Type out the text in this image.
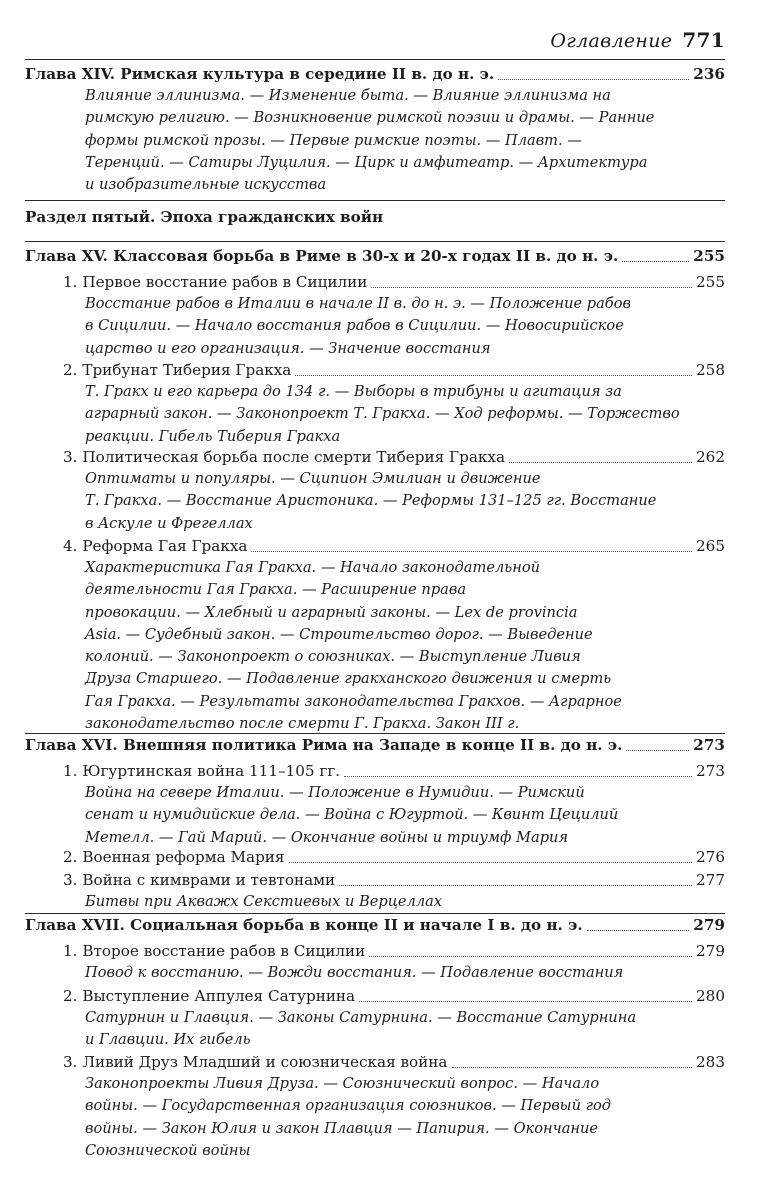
Оглавление 771
Глава XIV. Римская культура в середине II в. до н. э.	236
Влияние эллинизма. — Изменение быта. — Влияние эллинизма на
римскую религию. — Возникновение римской поэзии и драмы. — Ранние
формы римской прозы. — Первые римские поэты. — Плавт. —
Теренций. — Сатиры Луцилия. — Цирк и амфитеатр. — Архитектура
и изобразительные искусства
Раздел пятый. Эпоха гражданских войн
Глава XV. Классовая борьба в Риме в 30-х и 20-х годах II в. до н. э.	255
1. Первое восстание рабов в Сицилии	255
Восстание рабов в Италии в начале II в. до н. э. — Положение рабов
в Сицилии. — Начало восстания рабов в Сицилии. — Новосирийское
царство и его организация. — Значение восстания
2. Трибунат Тиберия Гракха	258
Т. Гракх и его карьера до 134 г. — Выборы в трибуны и агитация за
аграрный закон. — Законопроект Т. Гракха. — Ход реформы. — Торжество
реакции. Гибель Тиберия Гракха
3. Политическая борьба после смерти Тиберия Гракха	262
Оптиматы и популяры. — Сципион Эмилиан и движение
Т. Гракха. — Восстание Аристоника. — Реформы 131–125 гг. Восстание
в Аскуле и Фрегеллах
4. Реформа Гая Гракха	265
Характеристика Гая Гракха. — Начало законодательной
деятельности Гая Гракха. — Расширение права
провокации. — Хлебный и аграрный законы. — Lex de provincia
Asia. — Судебный закон. — Строительство дорог. — Выведение
колоний. — Законопроект о союзниках. — Выступление Ливия
Друза Старшего. — Подавление гракханского движения и смерть
Гая Гракха. — Результаты законодательства Гракхов. — Аграрное
законодательство после смерти Г. Гракха. Закон III г.
Глава XVI. Внешняя политика Рима на Западе в конце II в. до н. э.	273
1. Югуртинская война 111–105 гг.	273
Война на севере Италии. — Положение в Нумидии. — Римский
сенат и нумидийские дела. — Война с Югуртой. — Квинт Цецилий
Метелл. — Гай Марий. — Окончание войны и триумф Мария
2. Военная реформа Мария	276
3. Война с кимврами и тевтонами	277
Битвы при Акважх Секстиевых и Верцеллах
Глава XVII. Социальная борьба в конце II и начале I в. до н. э.	279
1. Второе восстание рабов в Сицилии	279
Повод к восстанию. — Вожди восстания. — Подавление восстания
2. Выступление Аппулея Сатурнина	280
Сатурнин и Главция. — Законы Сатурнина. — Восстание Сатурнина
и Главции. Их гибель
3. Ливий Друз Младший и союзническая война	283
Законопроекты Ливия Друза. — Союзнический вопрос. — Начало
войны. — Государственная организация союзников. — Первый год
войны. — Закон Юлия и закон Плавция — Папирия. — Окончание
Союзнической войны
